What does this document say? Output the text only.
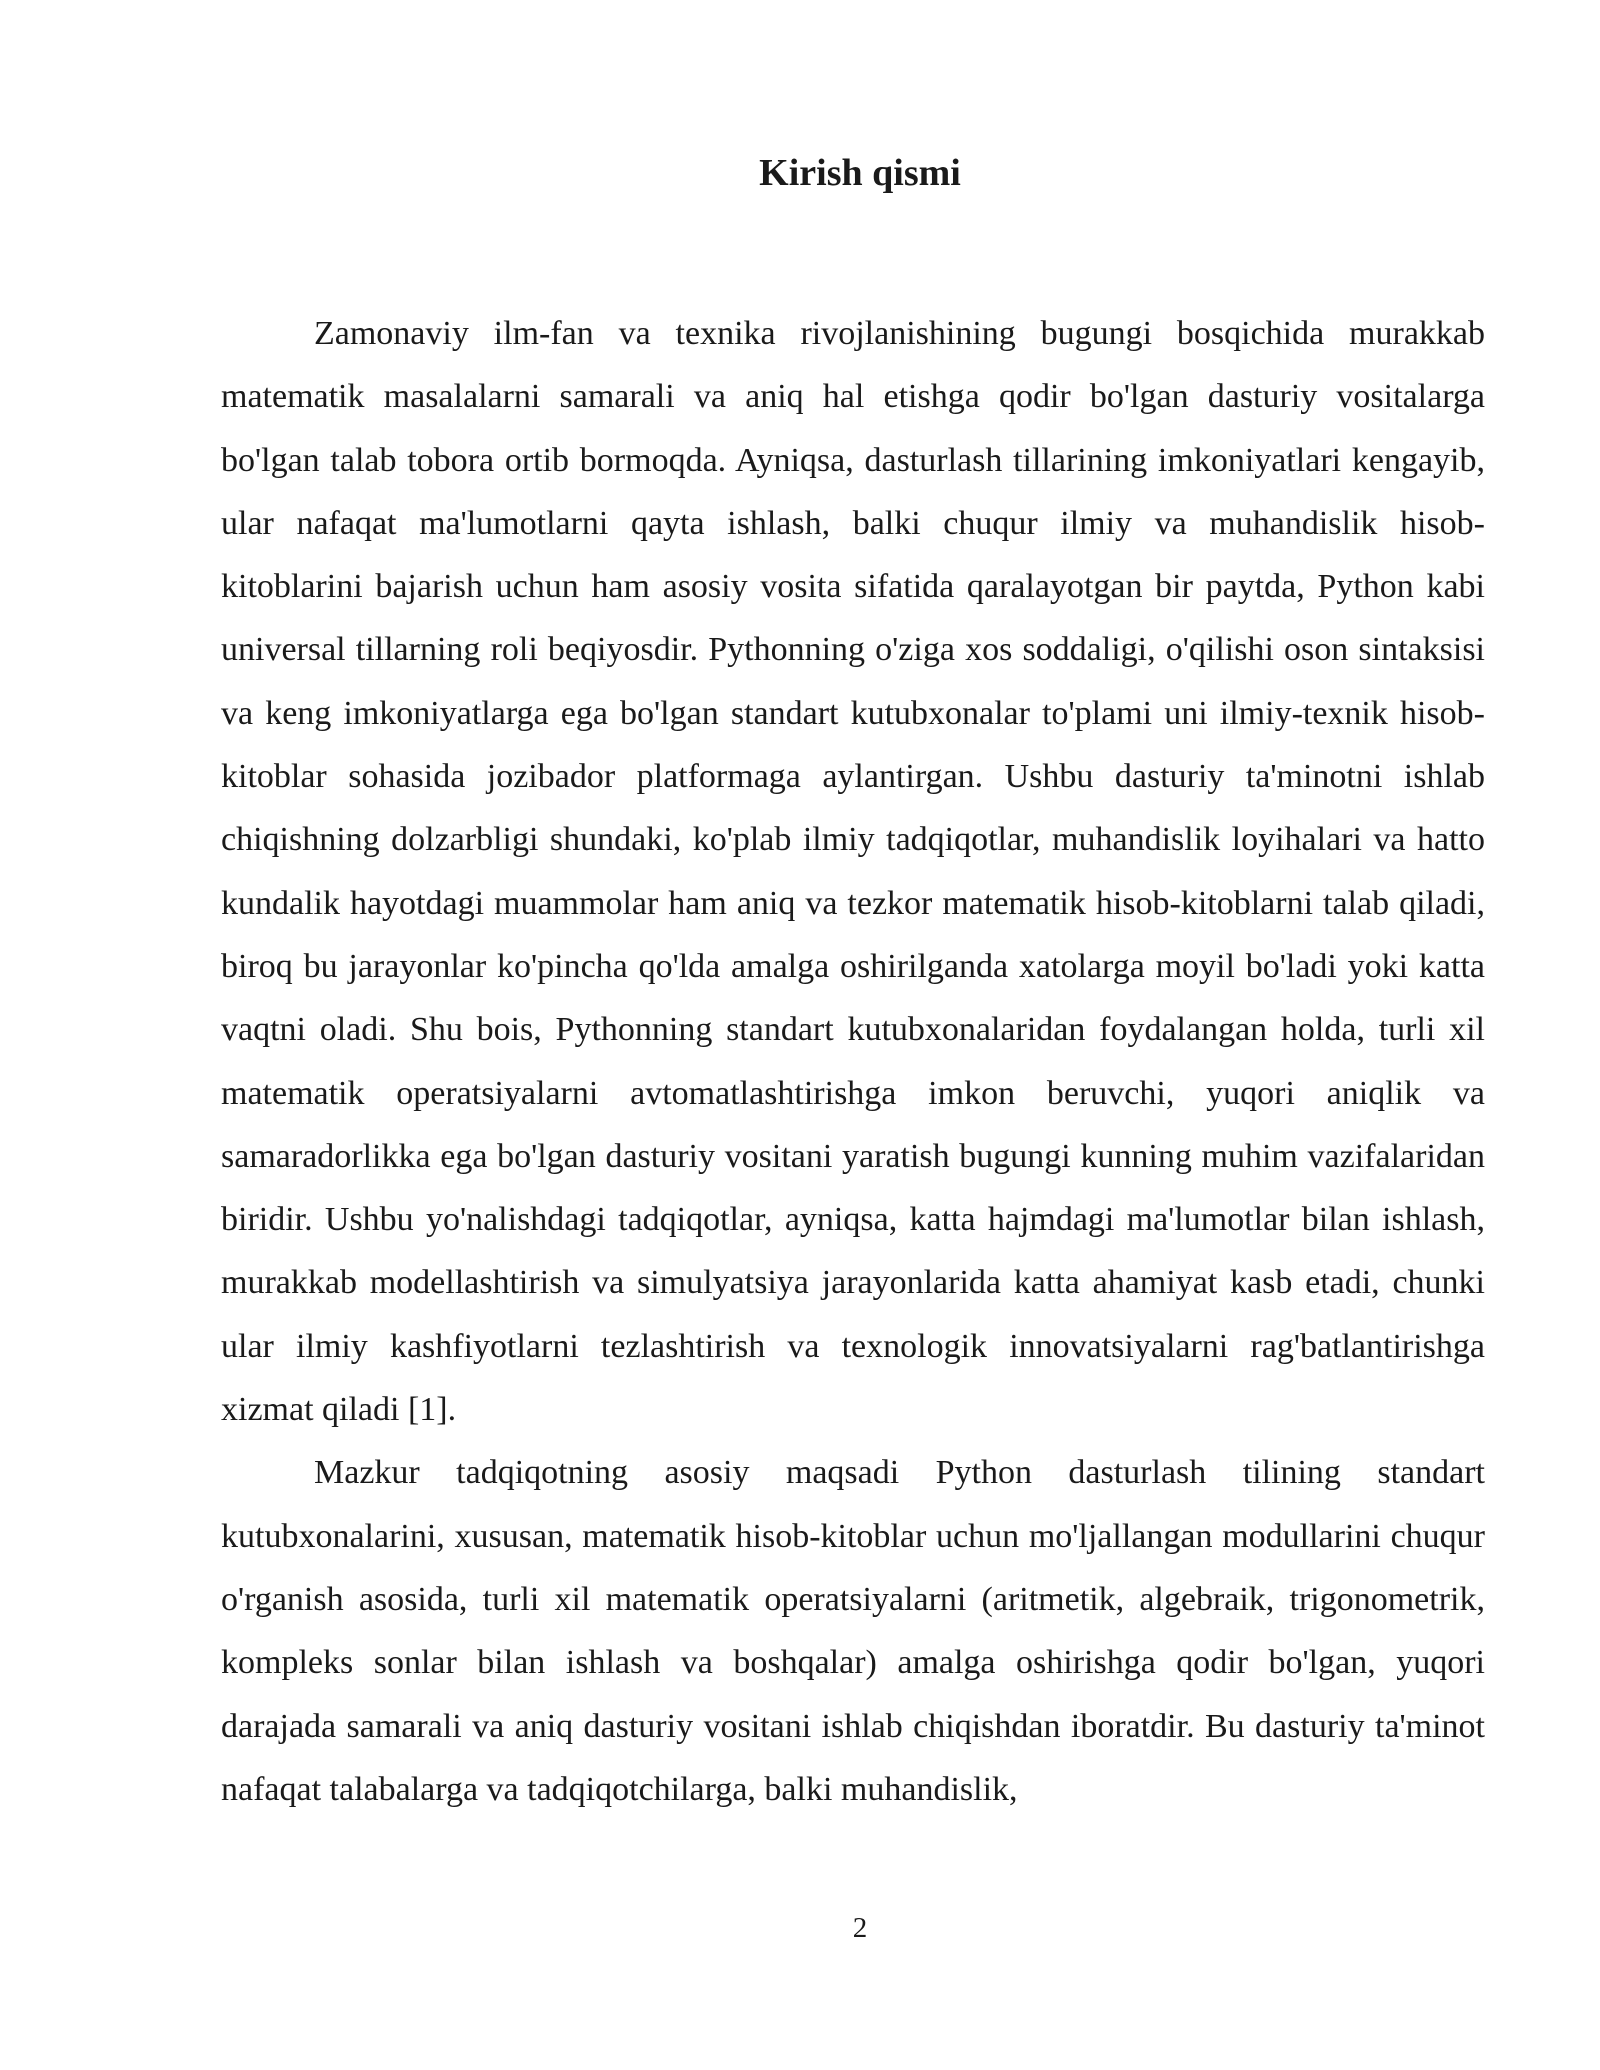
Kirish qismi

Zamonaviy ilm-fan va texnika rivojlanishining bugungi bosqichida murakkab matematik masalalarni samarali va aniq hal etishga qodir bo'lgan dasturiy vositalarga bo'lgan talab tobora ortib bormoqda. Ayniqsa, dasturlash tillarining imkoniyatlari kengayib, ular nafaqat ma'lumotlarni qayta ishlash, balki chuqur ilmiy va muhandislik hisob-kitoblarini bajarish uchun ham asosiy vosita sifatida qaralayotgan bir paytda, Python kabi universal tillarning roli beqiyosdir. Pythonning o'ziga xos soddaligi, o'qilishi oson sintaksisi va keng imkoniyatlarga ega bo'lgan standart kutubxonalar to'plami uni ilmiy-texnik hisob-kitoblar sohasida jozibador platformaga aylantirgan. Ushbu dasturiy ta'minotni ishlab chiqishning dolzarbligi shundaki, ko'plab ilmiy tadqiqotlar, muhandislik loyihalari va hatto kundalik hayotdagi muammolar ham aniq va tezkor matematik hisob-kitoblarni talab qiladi, biroq bu jarayonlar ko'pincha qo'lda amalga oshirilganda xatolarga moyil bo'ladi yoki katta vaqtni oladi. Shu bois, Pythonning standart kutubxonalaridan foydalangan holda, turli xil matematik operatsiyalarni avtomatlashtirishga imkon beruvchi, yuqori aniqlik va samaradorlikka ega bo'lgan dasturiy vositani yaratish bugungi kunning muhim vazifalaridan biridir. Ushbu yo'nalishdagi tadqiqotlar, ayniqsa, katta hajmdagi ma'lumotlar bilan ishlash, murakkab modellashtirish va simulyatsiya jarayonlarida katta ahamiyat kasb etadi, chunki ular ilmiy kashfiyotlarni tezlashtirish va texnologik innovatsiyalarni rag'batlantirishga xizmat qiladi [1].

Mazkur tadqiqotning asosiy maqsadi Python dasturlash tilining standart kutubxonalarini, xususan, matematik hisob-kitoblar uchun mo'ljallangan modullarini chuqur o'rganish asosida, turli xil matematik operatsiyalarni (aritmetik, algebraik, trigonometrik, kompleks sonlar bilan ishlash va boshqalar) amalga oshirishga qodir bo'lgan, yuqori darajada samarali va aniq dasturiy vositani ishlab chiqishdan iboratdir. Bu dasturiy ta'minot nafaqat talabalarga va tadqiqotchilarga, balki muhandislik,

2
